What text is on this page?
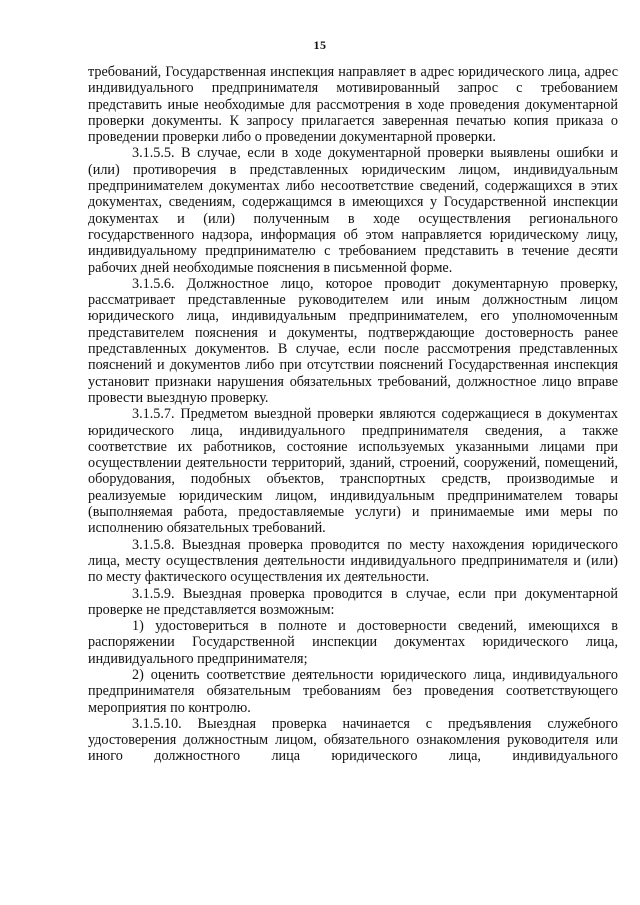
15

требований, Государственная инспекция направляет в адрес юридического лица, адрес индивидуального предпринимателя мотивированный запрос с требованием представить иные необходимые для рассмотрения в ходе проведения документарной проверки документы. К запросу прилагается заверенная печатью копия приказа о проведении проверки либо о проведении документарной проверки.

3.1.5.5. В случае, если в ходе документарной проверки выявлены ошибки и (или) противоречия в представленных юридическим лицом, индивидуальным предпринимателем документах либо несоответствие сведений, содержащихся в этих документах, сведениям, содержащимся в имеющихся у Государственной инспекции документах и (или) полученным в ходе осуществления регионального государственного надзора, информация об этом направляется юридическому лицу, индивидуальному предпринимателю с требованием представить в течение десяти рабочих дней необходимые пояснения в письменной форме.

3.1.5.6. Должностное лицо, которое проводит документарную проверку, рассматривает представленные руководителем или иным должностным лицом юридического лица, индивидуальным предпринимателем, его уполномоченным представителем пояснения и документы, подтверждающие достоверность ранее представленных документов. В случае, если после рассмотрения представленных пояснений и документов либо при отсутствии пояснений Государственная инспекция установит признаки нарушения обязательных требований, должностное лицо вправе провести выездную проверку.

3.1.5.7. Предметом выездной проверки являются содержащиеся в документах юридического лица, индивидуального предпринимателя сведения, а также соответствие их работников, состояние используемых указанными лицами при осуществлении деятельности территорий, зданий, строений, сооружений, помещений, оборудования, подобных объектов, транспортных средств, производимые и реализуемые юридическим лицом, индивидуальным предпринимателем товары (выполняемая работа, предоставляемые услуги) и принимаемые ими меры по исполнению обязательных требований.

3.1.5.8. Выездная проверка проводится по месту нахождения юридического лица, месту осуществления деятельности индивидуального предпринимателя и (или) по месту фактического осуществления их деятельности.

3.1.5.9. Выездная проверка проводится в случае, если при документарной проверке не представляется возможным:

1) удостовериться в полноте и достоверности сведений, имеющихся в распоряжении Государственной инспекции документах юридического лица, индивидуального предпринимателя;

2) оценить соответствие деятельности юридического лица, индивидуального предпринимателя обязательным требованиям без проведения соответствующего мероприятия по контролю.

3.1.5.10. Выездная проверка начинается с предъявления служебного удостоверения должностным лицом, обязательного ознакомления руководителя или иного должностного лица юридического лица, индивидуального
